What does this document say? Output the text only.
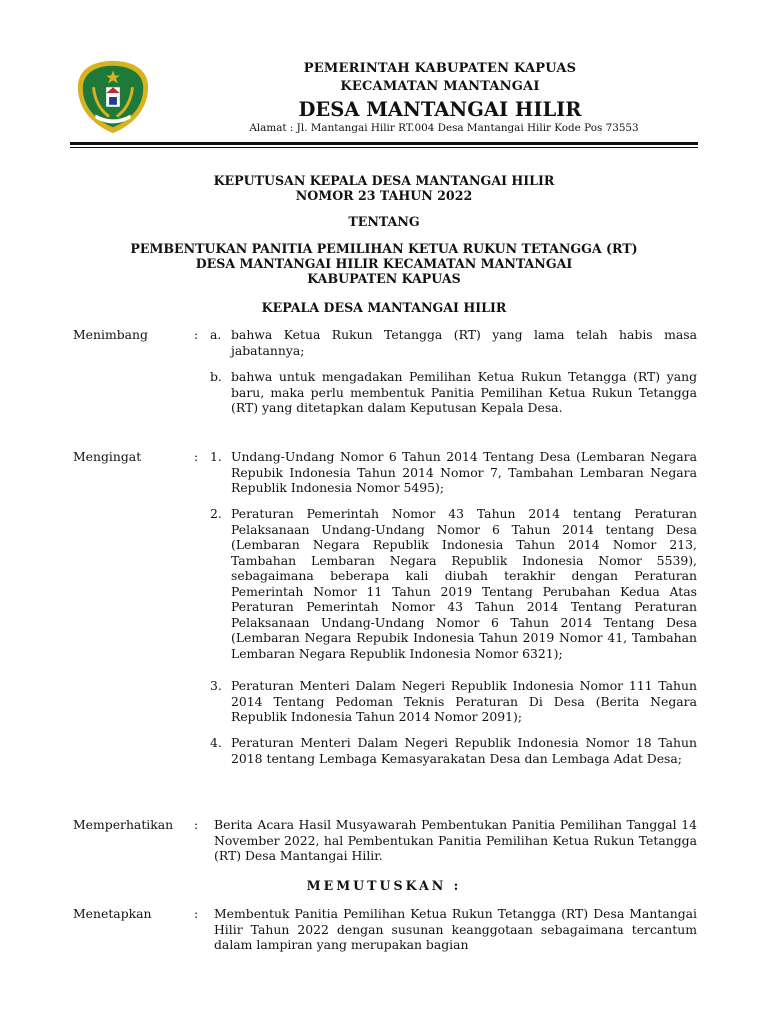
PEMERINTAH KABUPATEN KAPUAS
KECAMATAN MANTANGAI
DESA MANTANGAI HILIR
Alamat : Jl. Mantangai Hilir RT.004 Desa Mantangai Hilir Kode Pos 73553
KEPUTUSAN KEPALA DESA MANTANGAI HILIR
NOMOR 23 TAHUN 2022
TENTANG
PEMBENTUKAN PANITIA PEMILIHAN KETUA RUKUN TETANGGA (RT)
DESA MANTANGAI HILIR KECAMATAN MANTANGAI
KABUPATEN KAPUAS
KEPALA DESA MANTANGAI HILIR
Menimbang	: a. bahwa Ketua Rukun Tetangga (RT) yang lama telah habis masa jabatannya;
b. bahwa untuk mengadakan Pemilihan Ketua Rukun Tetangga (RT) yang baru, maka perlu membentuk Panitia Pemilihan Ketua Rukun Tetangga (RT) yang ditetapkan dalam Keputusan Kepala Desa.
Mengingat	: 1. Undang-Undang Nomor 6 Tahun 2014 Tentang Desa (Lembaran Negara Repubik Indonesia Tahun 2014 Nomor 7, Tambahan Lembaran Negara Republik Indonesia Nomor 5495);
2. Peraturan Pemerintah Nomor 43 Tahun 2014 tentang Peraturan Pelaksanaan Undang-Undang Nomor 6 Tahun 2014 tentang Desa (Lembaran Negara Republik Indonesia Tahun 2014 Nomor 213, Tambahan Lembaran Negara Republik Indonesia Nomor 5539), sebagaimana beberapa kali diubah terakhir dengan Peraturan Pemerintah Nomor 11 Tahun 2019 Tentang Perubahan Kedua Atas Peraturan Pemerintah Nomor 43 Tahun 2014 Tentang Peraturan Pelaksanaan Undang-Undang Nomor 6 Tahun 2014 Tentang Desa (Lembaran Negara Repubik Indonesia Tahun 2019 Nomor 41, Tambahan Lembaran Negara Republik Indonesia Nomor 6321);
3. Peraturan Menteri Dalam Negeri Republik Indonesia Nomor 111 Tahun 2014 Tentang Pedoman Teknis Peraturan Di Desa (Berita Negara Republik Indonesia Tahun 2014 Nomor 2091);
4. Peraturan Menteri Dalam Negeri Republik Indonesia Nomor 18 Tahun 2018 tentang Lembaga Kemasyarakatan Desa dan Lembaga Adat Desa;
Memperhatikan : Berita Acara Hasil Musyawarah Pembentukan Panitia Pemilihan Tanggal 14 November 2022, hal Pembentukan Panitia Pemilihan Ketua Rukun Tetangga (RT) Desa Mantangai Hilir.
MEMUTUSKAN :
Menetapkan	: Membentuk Panitia Pemilihan Ketua Rukun Tetangga (RT) Desa Mantangai Hilir Tahun 2022 dengan susunan keanggotaan sebagaimana tercantum dalam lampiran yang merupakan bagian
